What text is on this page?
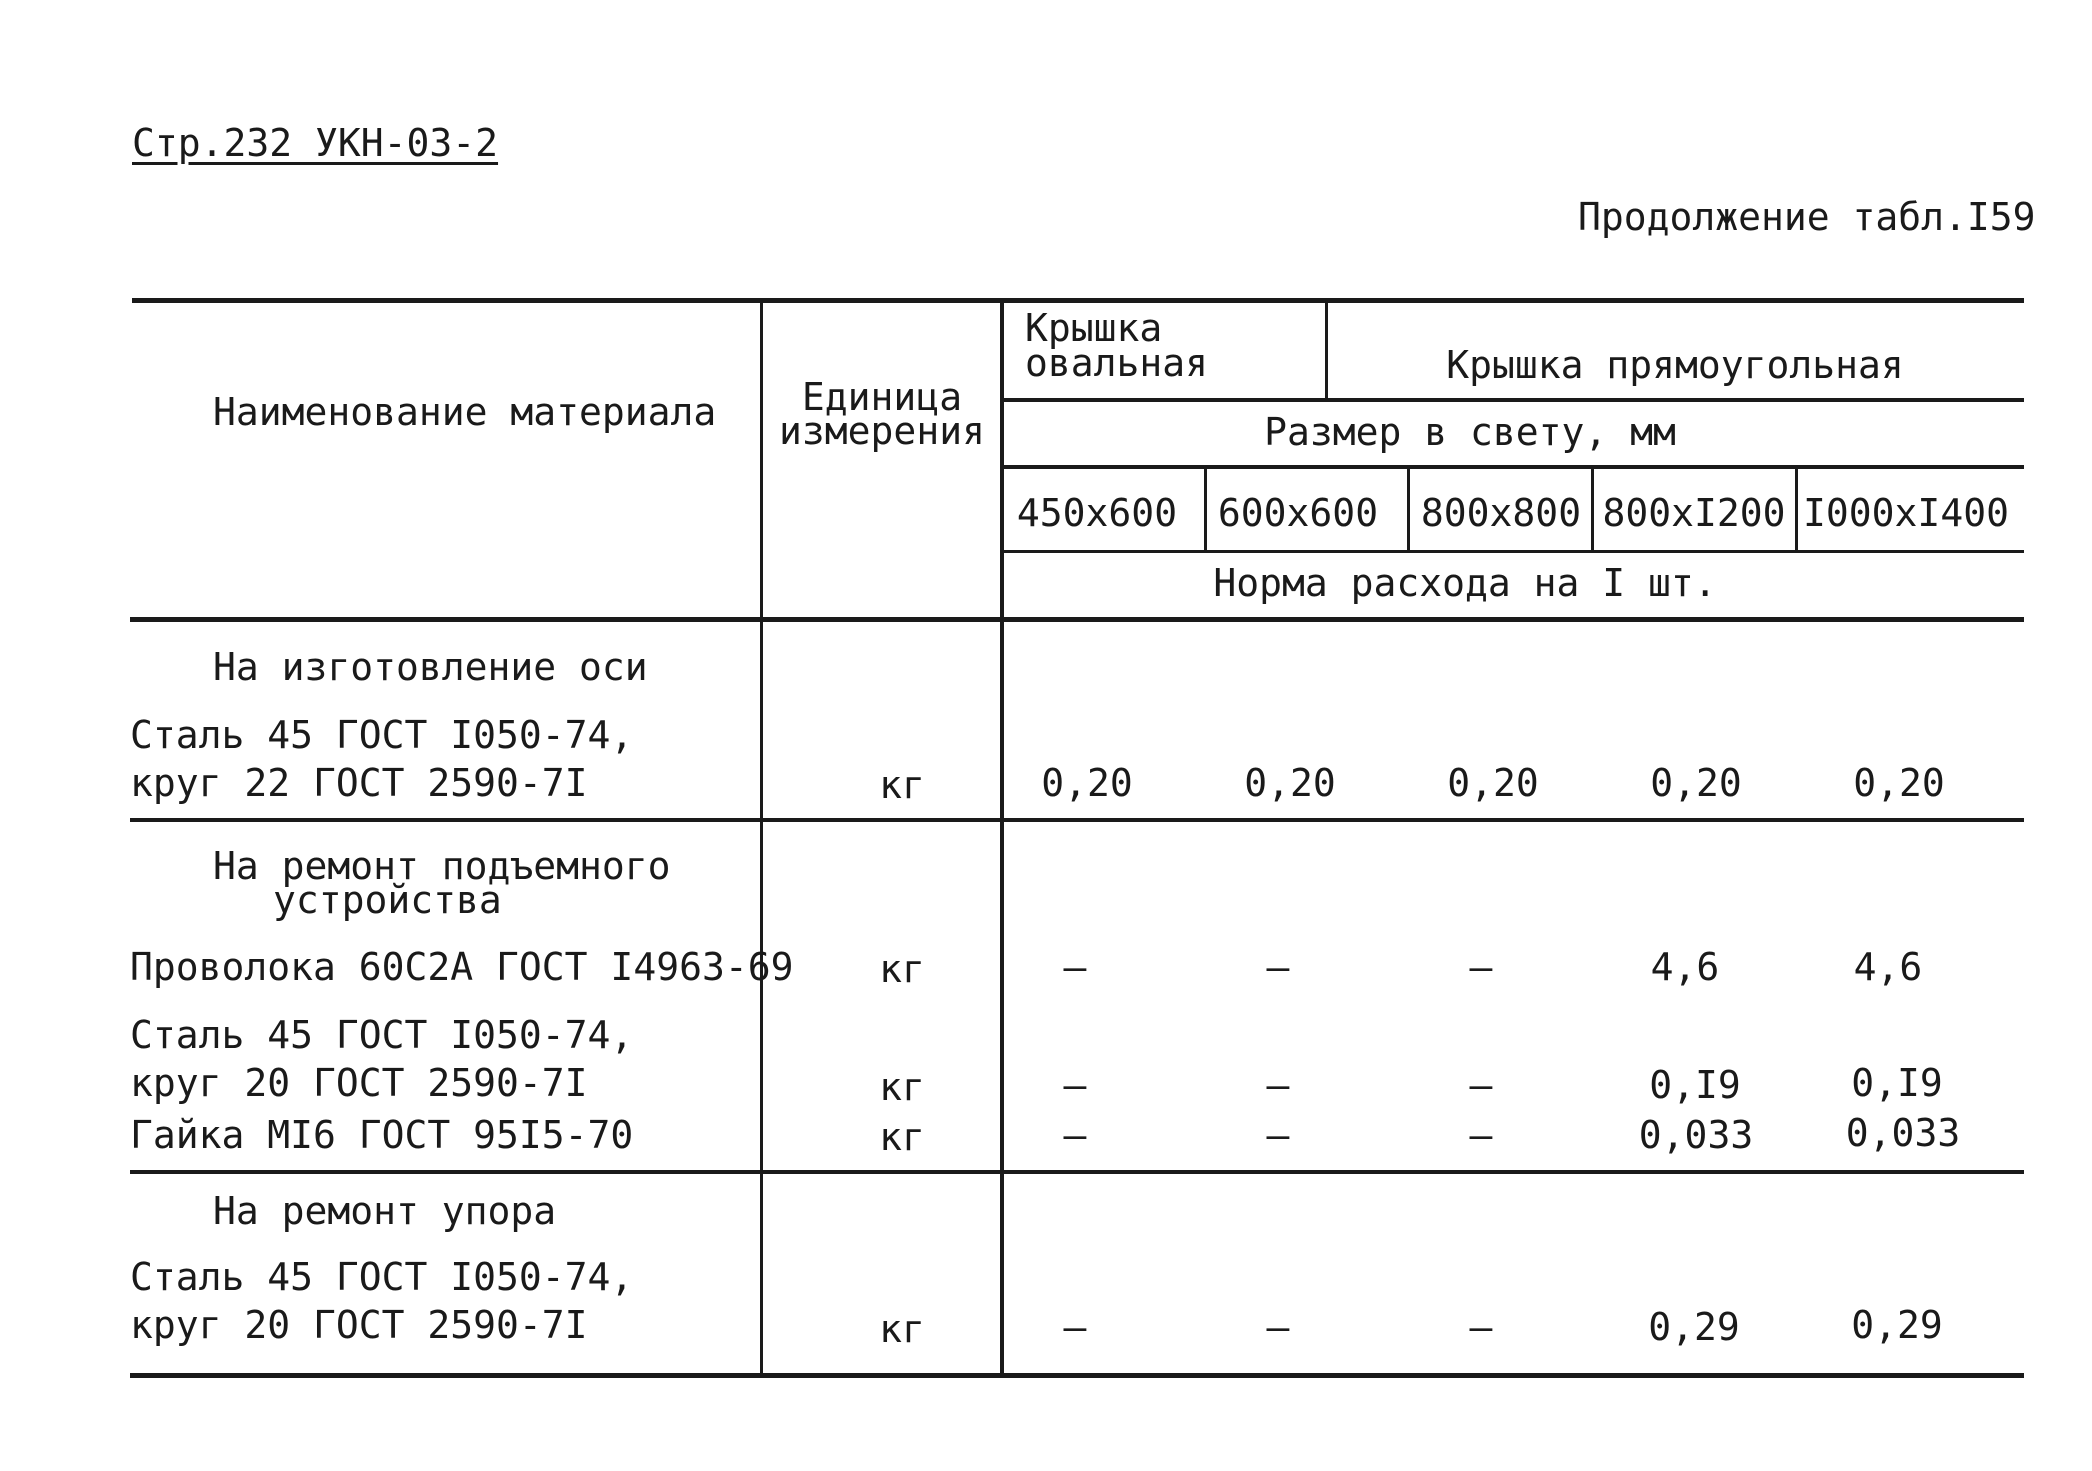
Стр.232 УКН-03-2
Продолжение табл.I59
Наименование материала Единица
измерения
Крышка
овальная	Крышка прямоугольная
Размер в свету, мм
450x600 600x600 800x800 800xI200 I000xI400
Норма расхода на I шт.
На изготовление оси
Сталь 45 ГОСТ I050-74,
круг 22 ГОСТ 2590-7I	кг	0,20	0,20	0,20	0,20	0,20
На ремонт подъемного
устройства
Проволока 60С2А ГОСТ I4963-69 кг	–	–	–	4,6	4,6
Сталь 45 ГОСТ I050-74,
круг 20 ГОСТ 2590-7I	кг	–	–	–	0,I9	0,I9
Гайка МI6 ГОСТ 95I5-70	кг	–	–	–	0,033 0,033
На ремонт упора
Сталь 45 ГОСТ I050-74,
круг 20 ГОСТ 2590-7I	кг	–	–	–	0,29	0,29
